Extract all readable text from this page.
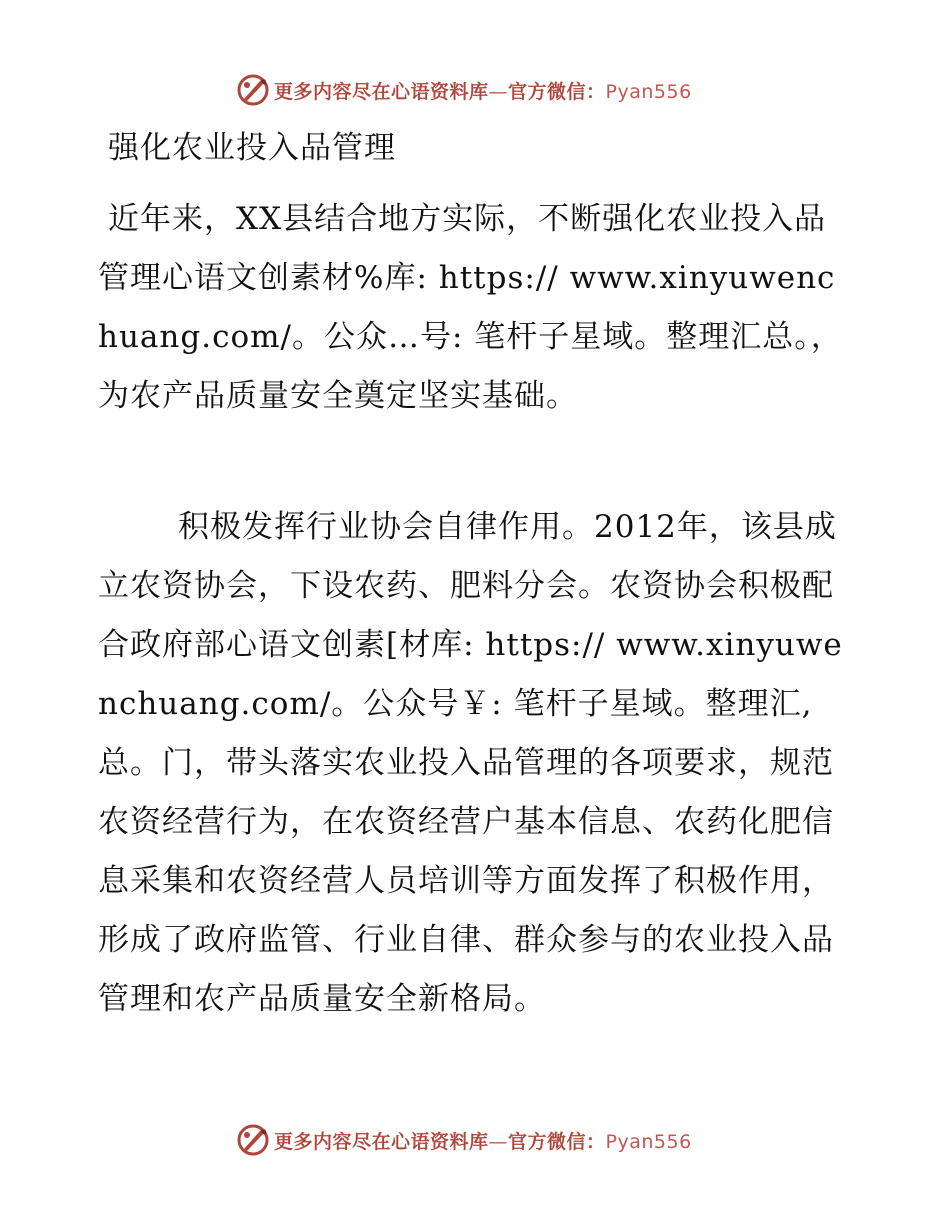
更多内容尽在心语资料库—官方微信：Pyan556
强化农业投入品管理

近年来，XX县结合地方实际，不断强化农业投入品管理心语文创素材%库: https:// www.xinyuwenchuang.com/。公众…号: 笔杆子星域。整理汇总。，为农产品质量安全奠定坚实基础。

积极发挥行业协会自律作用。2012年，该县成立农资协会，下设农药、肥料分会。农资协会积极配合政府部心语文创素[材库: https:// www.xinyuwenchuang.com/。公众号￥: 笔杆子星域。整理汇,总。门，带头落实农业投入品管理的各项要求，规范农资经营行为，在农资经营户基本信息、农药化肥信息采集和农资经营人员培训等方面发挥了积极作用，形成了政府监管、行业自律、群众参与的农业投入品管理和农产品质量安全新格局。

更多内容尽在心语资料库—官方微信：Pyan556
